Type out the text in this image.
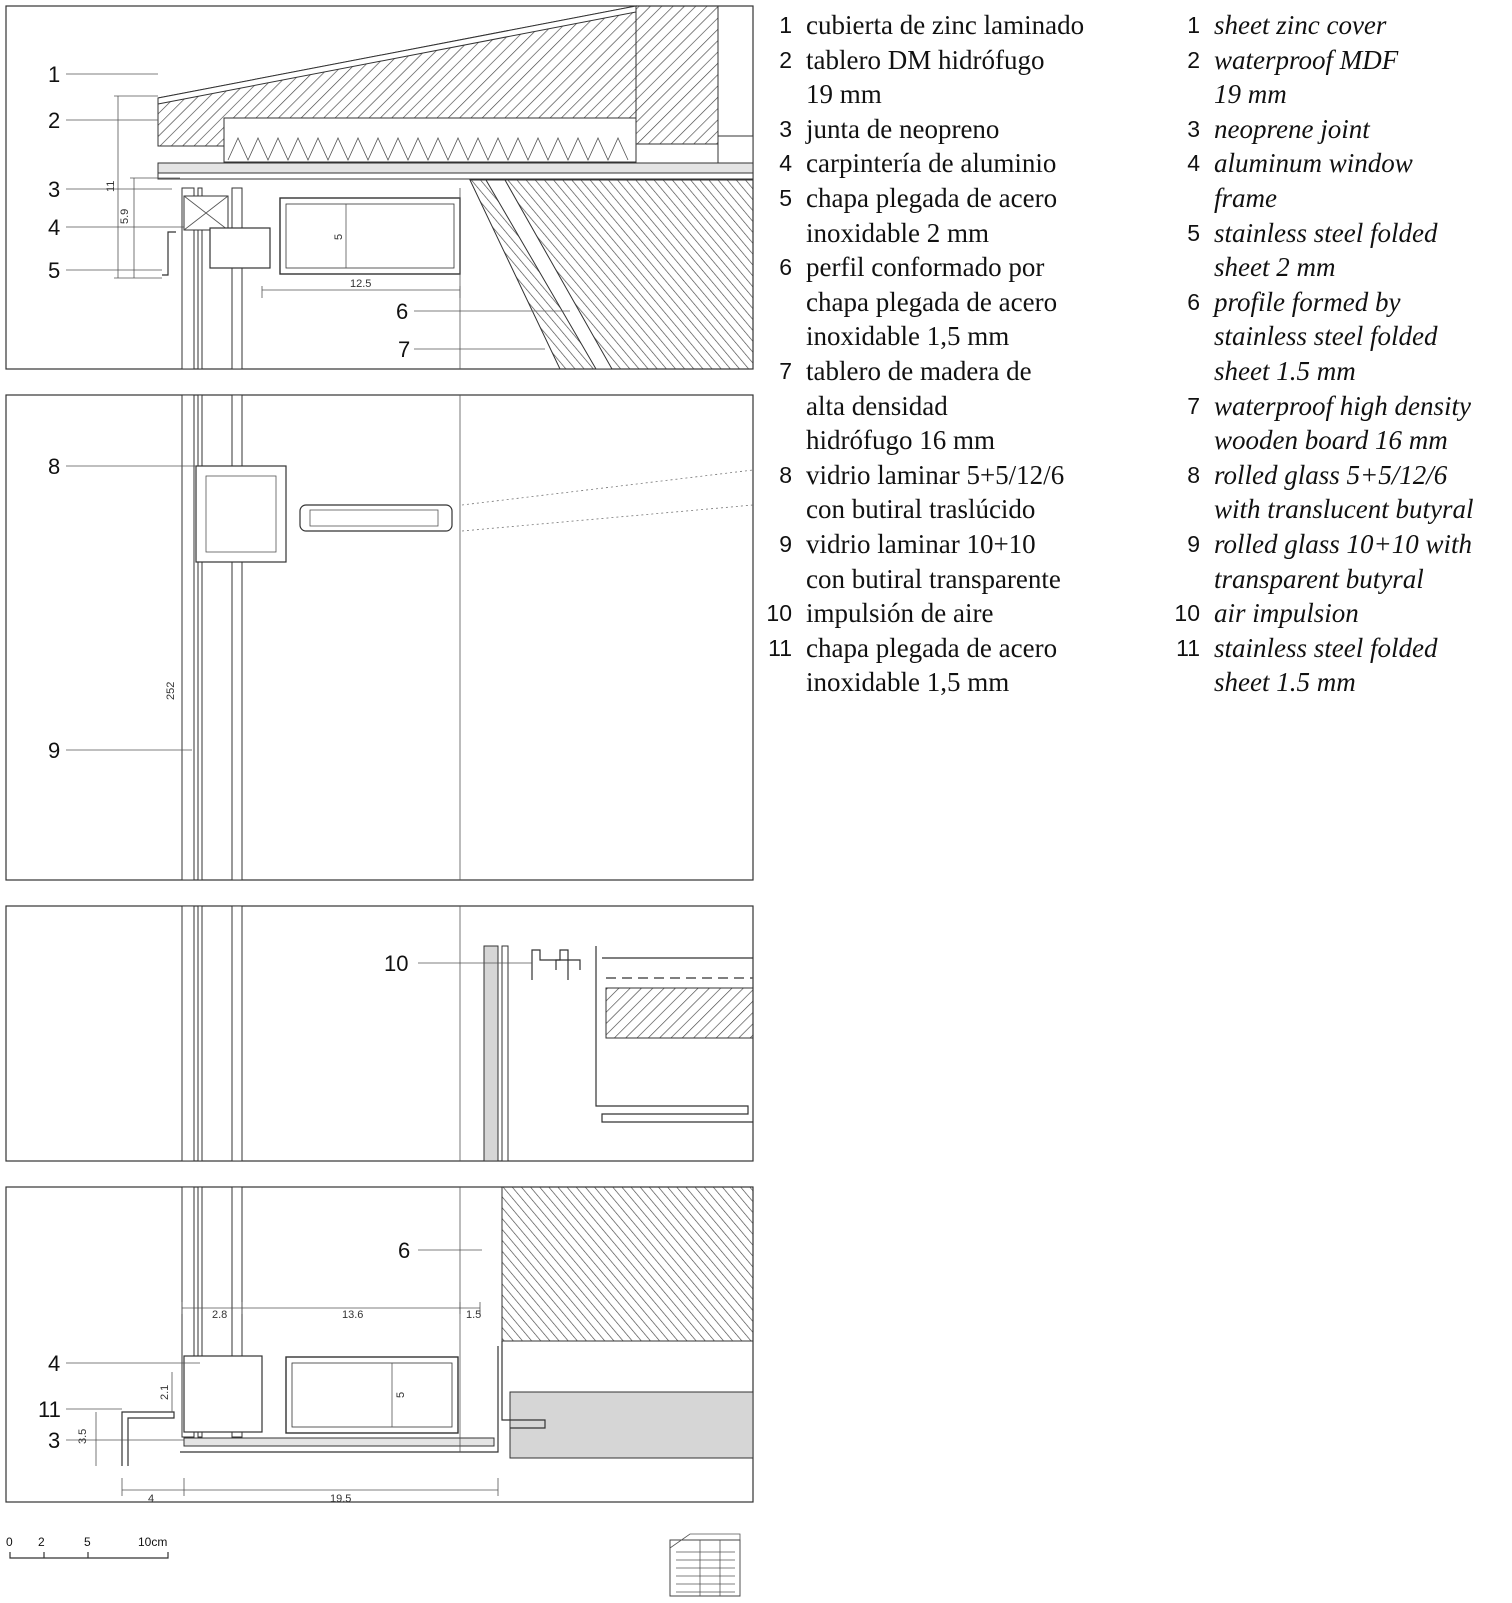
1
2
3
4
5
6
7
8
9
10
6
4
11
3
11
5.9
5
12.5
252
2.8	13.6	1.5
2.1	5
3.5
4	19.5
0 2	5	10cm
1 cubierta de zinc laminado
2 tablero DM hidrófugo
19 mm
3 junta de neopreno
4 carpintería de aluminio
5 chapa plegada de acero
inoxidable 2 mm
6 perfil conformado por
chapa plegada de acero
inoxidable 1,5 mm
7 tablero de madera de
alta densidad
hidrófugo 16 mm
8 vidrio laminar 5+5/12/6
con butiral traslúcido
9 vidrio laminar 10+10
con butiral transparente
10 impulsión de aire
11 chapa plegada de acero
inoxidable 1,5 mm
1 sheet zinc cover
2 waterproof MDF
19 mm
3 neoprene joint
4 aluminum window
frame
5 stainless steel folded
sheet 2 mm
6 profile formed by
stainless steel folded
sheet 1.5 mm
7 waterproof high density
wooden board 16 mm
8 rolled glass 5+5/12/6
with translucent butyral
9 rolled glass 10+10 with
transparent butyral
10 air impulsion
11 stainless steel folded
sheet 1.5 mm
